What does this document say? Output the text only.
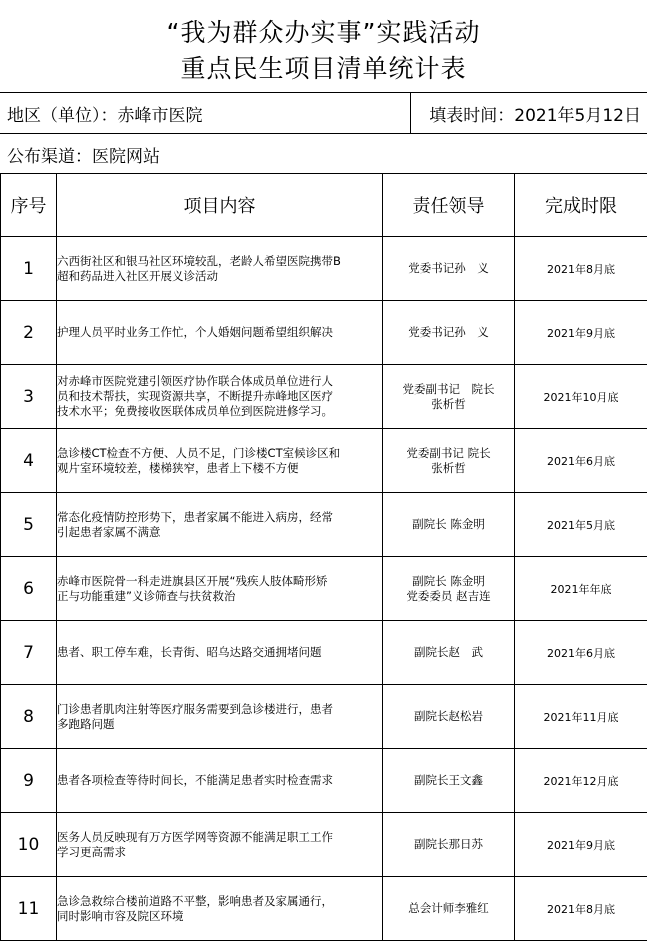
“我为群众办实事”实践活动
重点民生项目清单统计表
地区（单位）：赤峰市医院	填表时间：2021年5月12日
公布渠道：医院网站
序号	项目内容	责任领导	完成时限
1	六西街社区和银马社区环境较乱，老龄人希望医院携带B
超和药品进入社区开展义诊活动	党委书记孙　义	2021年8月底
2	护理人员平时业务工作忙，个人婚姻问题希望组织解决	党委书记孙　义	2021年9月底
3	对赤峰市医院党建引领医疗协作联合体成员单位进行人
员和技术帮扶，实现资源共享，不断提升赤峰地区医疗
技术水平；免费接收医联体成员单位到医院进修学习。	党委副书记　院长
张析哲	2021年10月底
4	急诊楼CT检查不方便、人员不足，门诊楼CT室候诊区和
观片室环境较差，楼梯狭窄，患者上下楼不方便	党委副书记 院长
张析哲	2021年6月底
5	常态化疫情防控形势下，患者家属不能进入病房，经常
引起患者家属不满意	副院长 陈金明	2021年5月底
6	赤峰市医院骨一科走进旗县区开展“残疾人肢体畸形矫
正与功能重建”义诊筛查与扶贫救治	副院长 陈金明
党委委员 赵吉连	2021年年底
7	患者、职工停车难，长青街、昭乌达路交通拥堵问题	副院长赵　武	2021年6月底
8	门诊患者肌肉注射等医疗服务需要到急诊楼进行，患者
多跑路问题	副院长赵松岩	2021年11月底
9	患者各项检查等待时间长，不能满足患者实时检查需求	副院长王文鑫	2021年12月底
10	医务人员反映现有万方医学网等资源不能满足职工工作
学习更高需求	副院长那日苏	2021年9月底
11	急诊急救综合楼前道路不平整，影响患者及家属通行，
同时影响市容及院区环境	总会计师李雅红	2021年8月底
